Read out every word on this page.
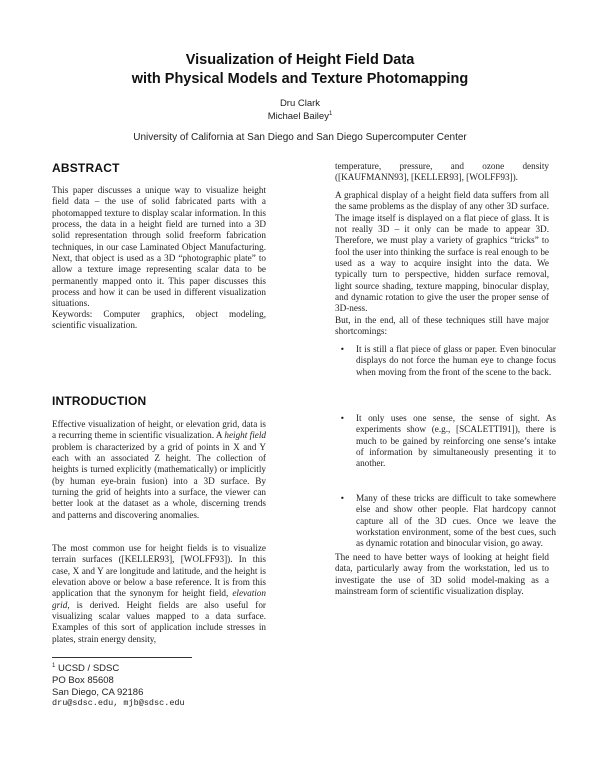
Visualization of Height Field Data
with Physical Models and Texture Photomapping
Dru Clark
Michael Bailey$^1$
University of California at San Diego and San Diego Supercomputer Center
ABSTRACT
This paper discusses a unique way to visualize height field data – the use of solid fabricated parts with a photomapped texture to display scalar information. In this process, the data in a height field are turned into a 3D solid representation through solid freeform fabrication techniques, in our case Laminated Object Manufacturing. Next, that object is used as a 3D “photographic plate” to allow a texture image representing scalar data to be permanently mapped onto it. This paper discusses this process and how it can be used in different visualization situations.
Keywords: Computer graphics, object modeling, scientific visualization.
INTRODUCTION
Effective visualization of height, or elevation grid, data is a recurring theme in scientific visualization. A height field problem is characterized by a grid of points in X and Y each with an associated Z height. The collection of heights is turned explicitly (mathematically) or implicitly (by human eye-brain fusion) into a 3D surface. By turning the grid of heights into a surface, the viewer can better look at the dataset as a whole, discerning trends and patterns and discovering anomalies.
The most common use for height fields is to visualize terrain surfaces ([KELLER93], [WOLFF93]). In this case, X and Y are longitude and latitude, and the height is elevation above or below a base reference. It is from this application that the synonym for height field, elevation grid, is derived. Height fields are also useful for visualizing scalar values mapped to a data surface. Examples of this sort of application include stresses in plates, strain energy density,
$^1$ UCSD / SDSC
PO Box 85608
San Diego, CA 92186
dru@sdsc.edu, mjb@sdsc.edu
temperature, pressure, and ozone density ([KAUFMANN93], [KELLER93], [WOLFF93]).
A graphical display of a height field data suffers from all the same problems as the display of any other 3D surface. The image itself is displayed on a flat piece of glass. It is not really 3D – it only can be made to appear 3D. Therefore, we must play a variety of graphics “tricks” to fool the user into thinking the surface is real enough to be used as a way to acquire insight into the data. We typically turn to perspective, hidden surface removal, light source shading, texture mapping, binocular display, and dynamic rotation to give the user the proper sense of 3D-ness.
But, in the end, all of these techniques still have major shortcomings:
• It is still a flat piece of glass or paper. Even binocular displays do not force the human eye to change focus when moving from the front of the scene to the back.
• It only uses one sense, the sense of sight. As experiments show (e.g., [SCALETTI91]), there is much to be gained by reinforcing one sense’s intake of information by simultaneously presenting it to another.
• Many of these tricks are difficult to take somewhere else and show other people. Flat hardcopy cannot capture all of the 3D cues. Once we leave the workstation environment, some of the best cues, such as dynamic rotation and binocular vision, go away.
The need to have better ways of looking at height field data, particularly away from the workstation, led us to investigate the use of 3D solid model-making as a mainstream form of scientific visualization display.
